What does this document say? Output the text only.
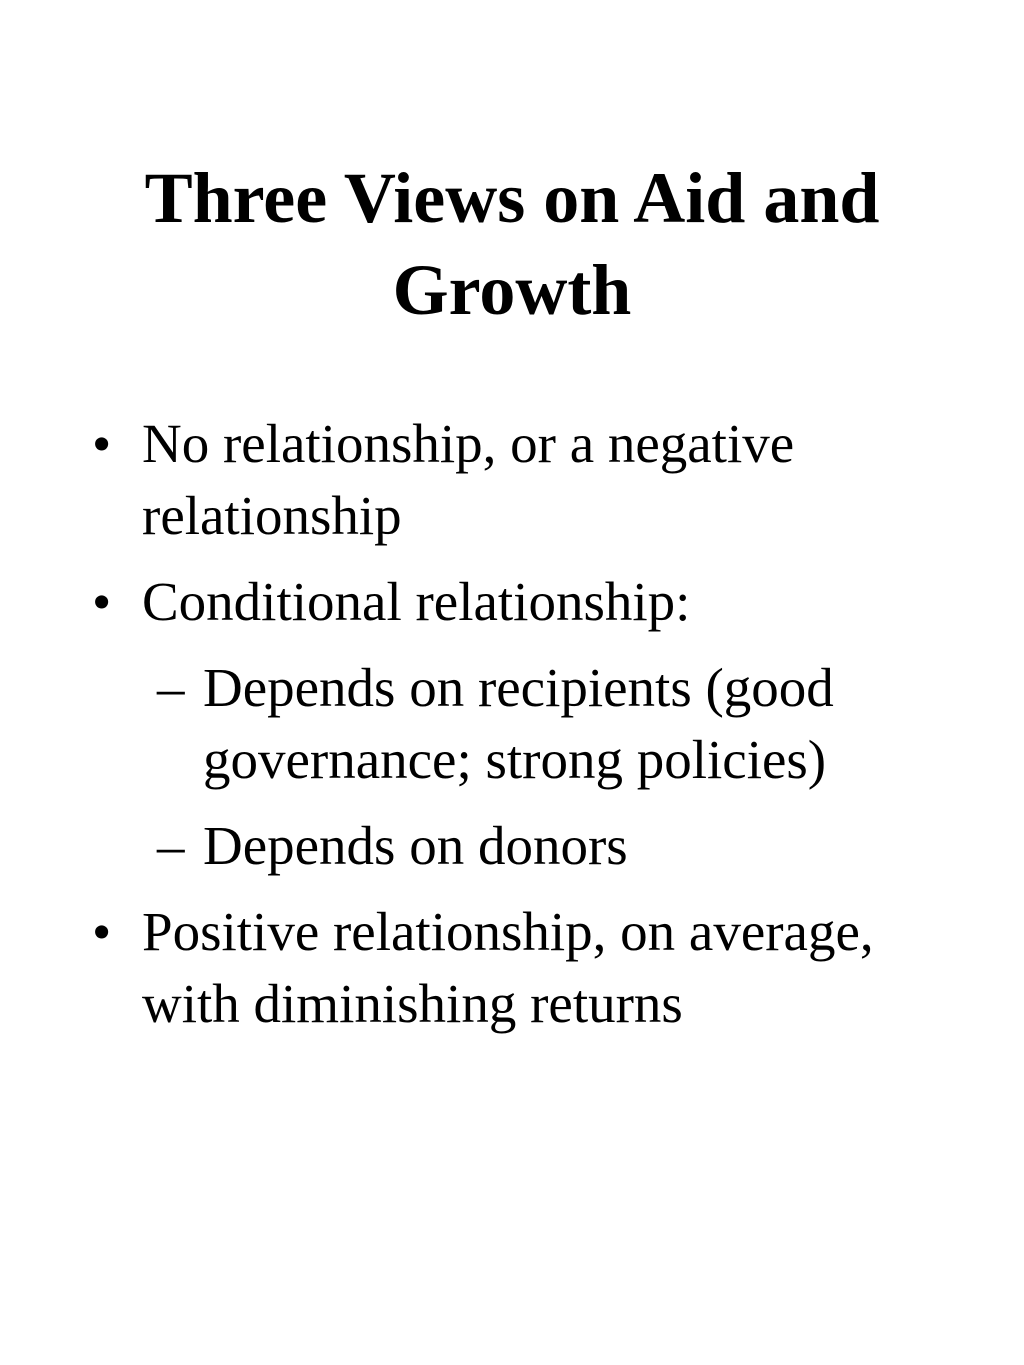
Three Views on Aid and Growth
• No relationship, or a negative relationship
• Conditional relationship:
– Depends on recipients (good governance; strong policies)
– Depends on donors
• Positive relationship, on average, with diminishing returns
